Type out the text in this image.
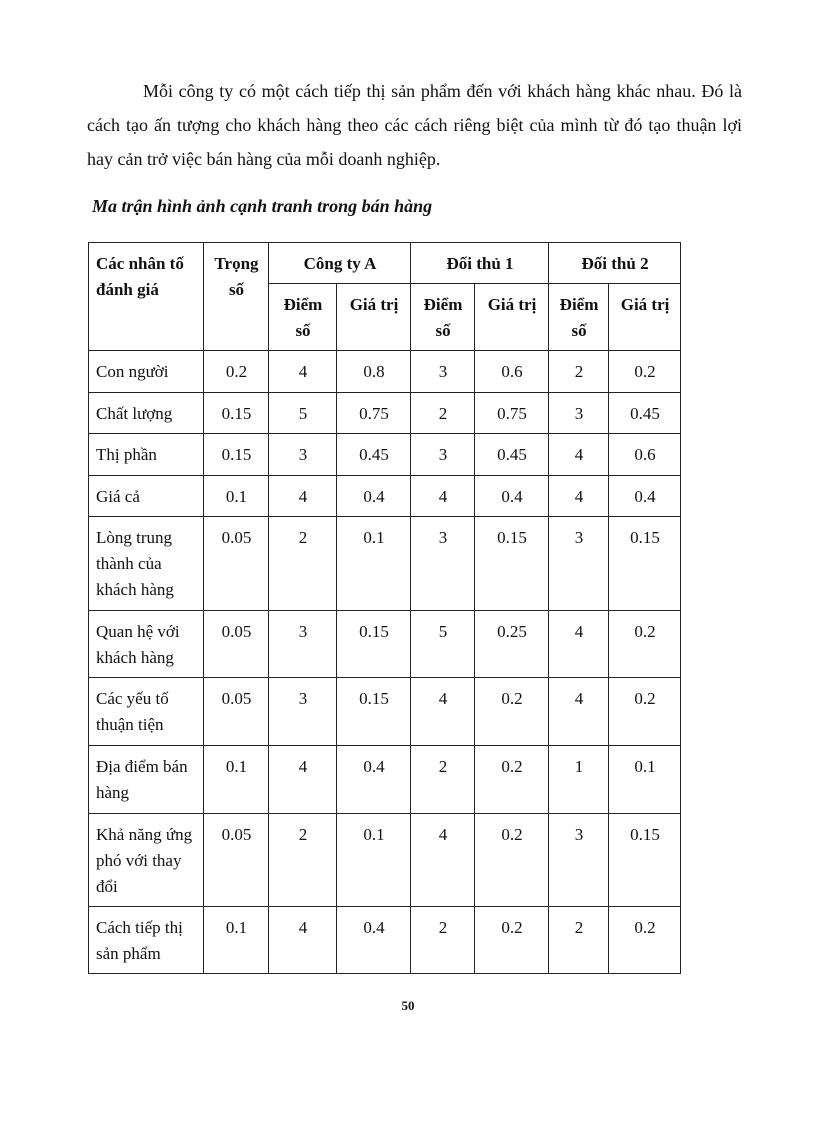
Mỗi công ty có một cách tiếp thị sản phẩm đến với khách hàng khác nhau. Đó là cách tạo ấn tượng cho khách hàng theo các cách riêng biệt của mình từ đó tạo thuận lợi hay cản trở việc bán hàng của mỗi doanh nghiệp.

Ma trận hình ảnh cạnh tranh trong bán hàng

Các nhân tố đánh giá	Trọng số	Công ty A		Đối thủ 1		Đối thủ 2	
		Điểm số	Giá trị	Điểm số	Giá trị	Điểm số	Giá trị
Con người	0.2	4	0.8	3	0.6	2	0.2
Chất lượng	0.15	5	0.75	2	0.75	3	0.45
Thị phần	0.15	3	0.45	3	0.45	4	0.6
Giá cả	0.1	4	0.4	4	0.4	4	0.4
Lòng trung thành của khách hàng	0.05	2	0.1	3	0.15	3	0.15
Quan hệ với khách hàng	0.05	3	0.15	5	0.25	4	0.2
Các yếu tố thuận tiện	0.05	3	0.15	4	0.2	4	0.2
Địa điểm bán hàng	0.1	4	0.4	2	0.2	1	0.1
Khả năng ứng phó với thay đổi	0.05	2	0.1	4	0.2	3	0.15
Cách tiếp thị sản phẩm	0.1	4	0.4	2	0.2	2	0.2

50
